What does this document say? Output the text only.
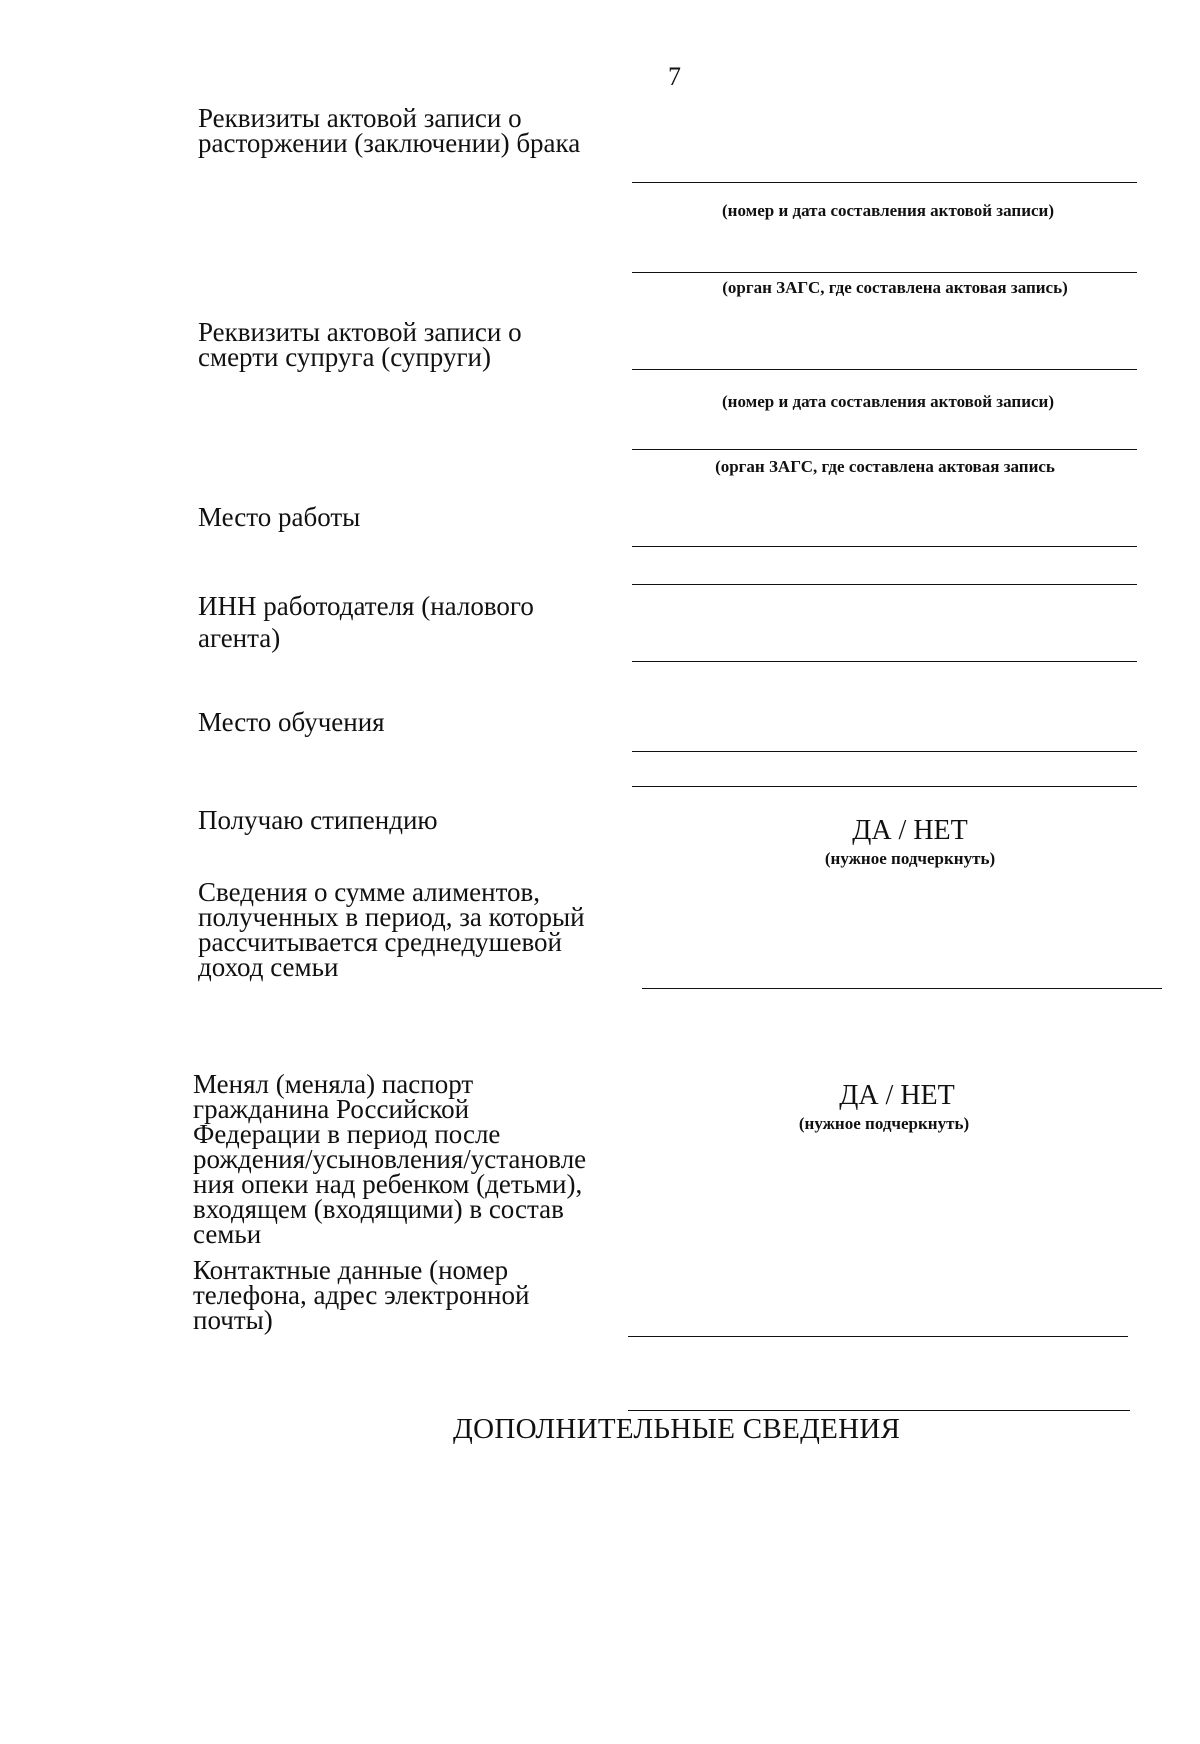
7
Реквизиты актовой записи о
расторжении (заключении) брака
(номер и дата составления актовой записи)
(орган ЗАГС, где составлена актовая запись)
Реквизиты актовой записи о
смерти супруга (супруги)
(номер и дата составления актовой записи)
(орган ЗАГС, где составлена актовая запись
Место работы
ИНН работодателя (налового
агента)
Место обучения
Получаю стипендию	ДА / НЕТ
(нужное подчеркнуть)
Сведения о сумме алиментов,
полученных в период, за который
рассчитывается среднедушевой
доход семьи
Менял (меняла) паспорт
гражданина Российской
Федерации в период после
рождения/усыновления/установле
ния опеки над ребенком (детьми),
входящем (входящими) в состав
семьи
ДА / НЕТ
(нужное подчеркнуть)
Контактные данные (номер
телефона, адрес электронной
почты)
ДОПОЛНИТЕЛЬНЫЕ СВЕДЕНИЯ
